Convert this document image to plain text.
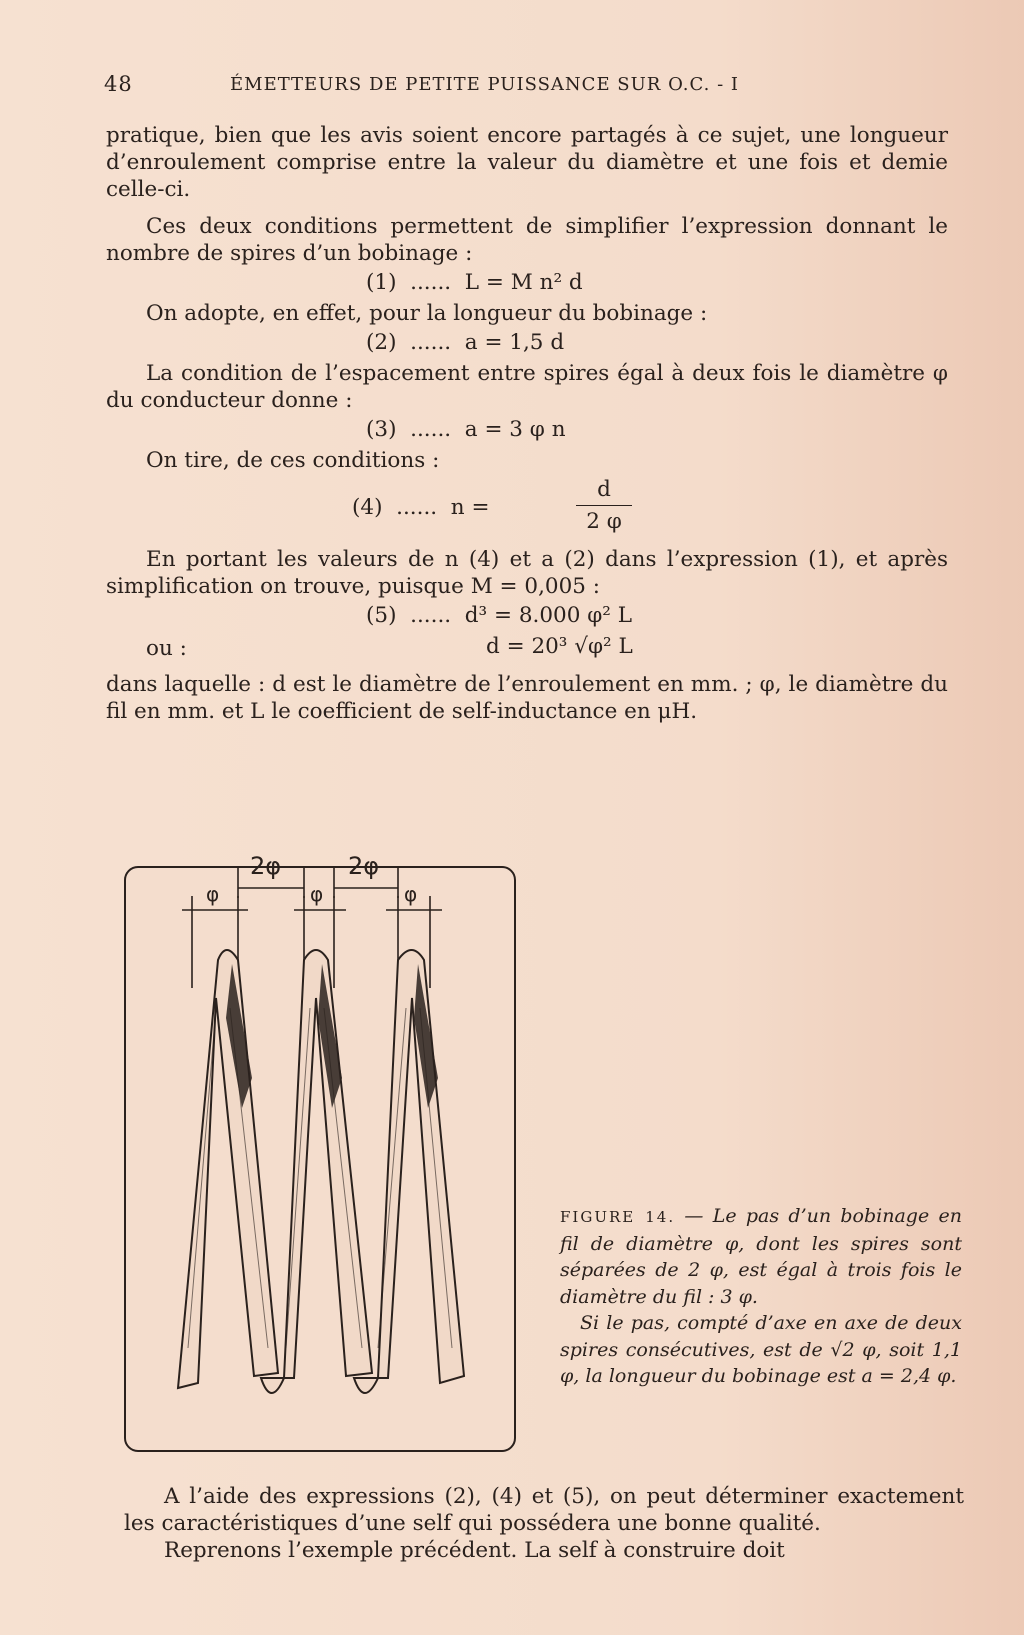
48	ÉMETTEURS DE PETITE PUISSANCE SUR O.C. - I

pratique, bien que les avis soient encore partagés à ce sujet, une longueur d’enroulement comprise entre la valeur du diamètre et une fois et demie celle-ci.

Ces deux conditions permettent de simplifier l’expression donnant le nombre de spires d’un bobinage :

(1)  ......  L = M n² d

On adopte, en effet, pour la longueur du bobinage :

(2)  ......  a = 1,5 d

La condition de l’espacement entre spires égal à deux fois le diamètre φ du conducteur donne :

(3)  ......  a = 3 φ n

On tire, de ces conditions :

(4)  ......  n =
d
2 φ

En portant les valeurs de n (4) et a (2) dans l’expression (1), et après simplification on trouve, puisque M = 0,005 :

(5)  ......  d³ = 8.000 φ² L
ou :	d = 20³ √φ² L

dans laquelle : d est le diamètre de l’enroulement en mm. ; φ, le diamètre du fil en mm. et L le coefficient de self-inductance en μH.

2φ	2φ
φ	φ	φ
FIGURE 14. — Le pas d’un bobinage en fil de diamètre φ, dont les spires sont séparées de 2 φ, est égal à trois fois le diamètre du fil : 3 φ.
Si le pas, compté d’axe en axe de deux spires consécutives, est de √2 φ, soit 1,1 φ, la longueur du bobinage est a = 2,4 φ.

A l’aide des expressions (2), (4) et (5), on peut déterminer exactement les caractéristiques d’une self qui possédera une bonne qualité.

Reprenons l’exemple précédent. La self à construire doit
